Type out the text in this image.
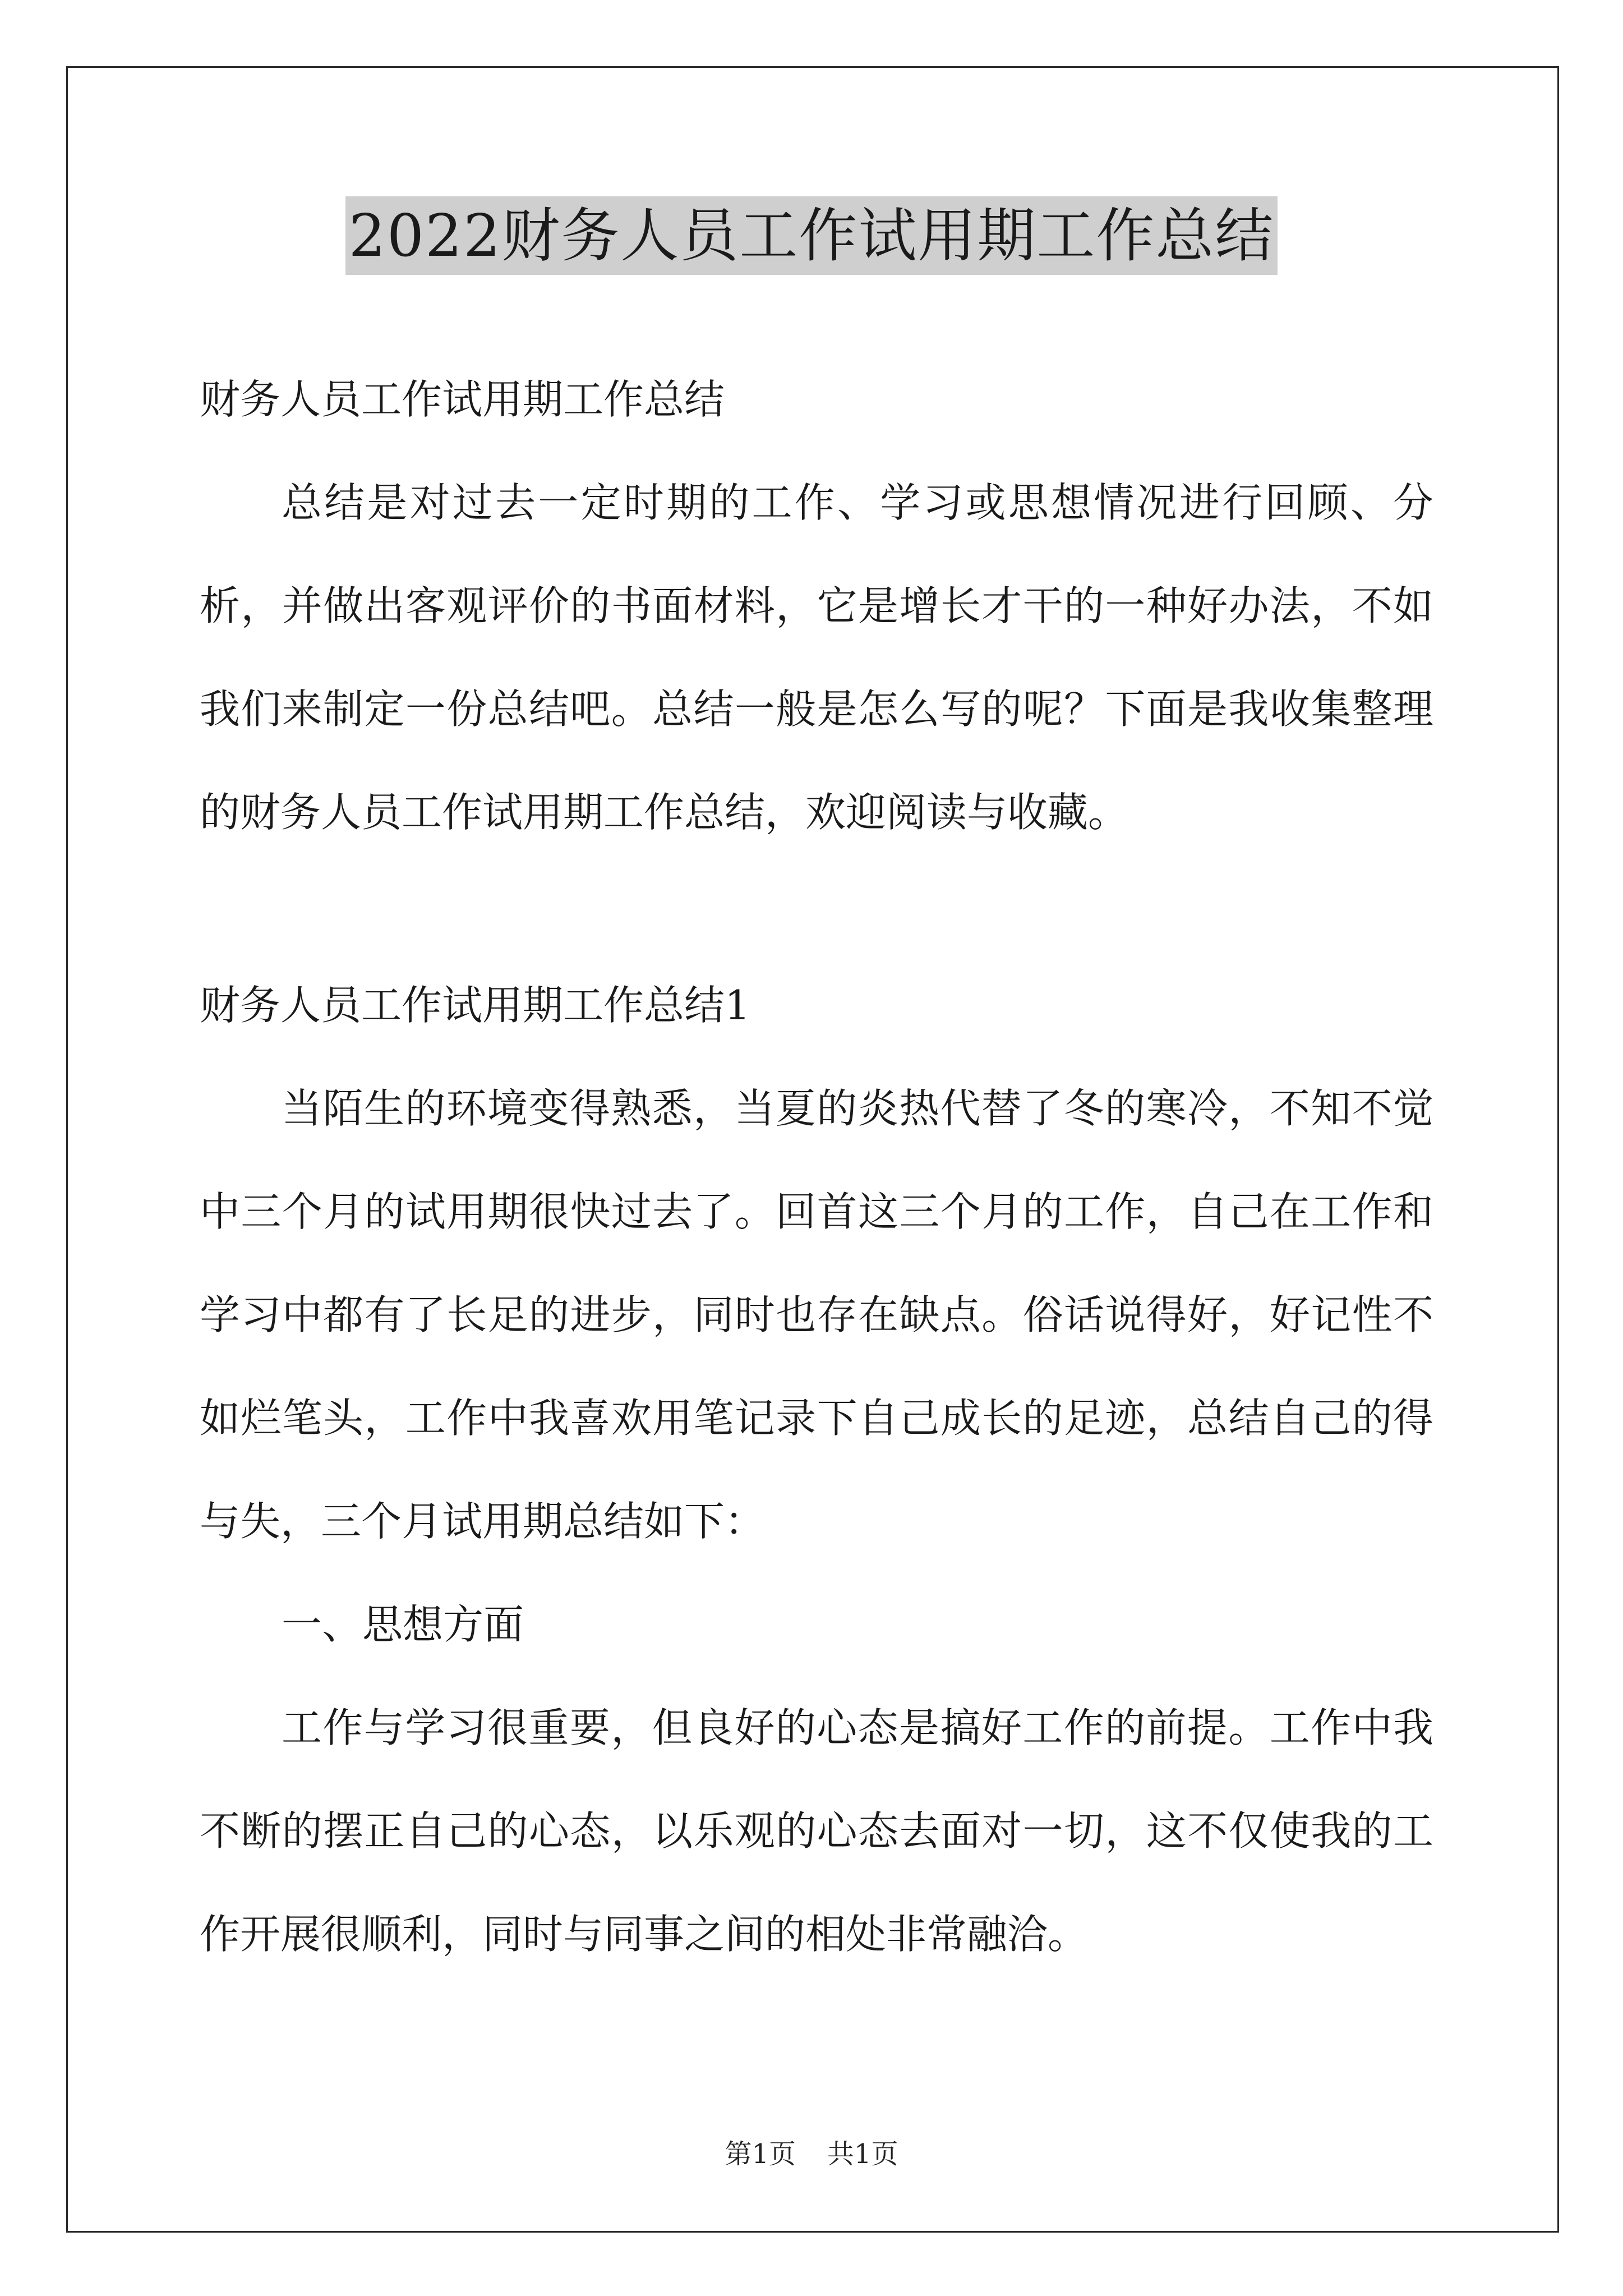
2022财务人员工作试用期工作总结

财务人员工作试用期工作总结

总结是对过去一定时期的工作、学习或思想情况进行回顾、分析，并做出客观评价的书面材料，它是增长才干的一种好办法，不如我们来制定一份总结吧。总结一般是怎么写的呢？下面是我收集整理的财务人员工作试用期工作总结，欢迎阅读与收藏。

财务人员工作试用期工作总结1

当陌生的环境变得熟悉，当夏的炎热代替了冬的寒冷，不知不觉中三个月的试用期很快过去了。回首这三个月的工作，自己在工作和学习中都有了长足的进步，同时也存在缺点。俗话说得好，好记性不如烂笔头，工作中我喜欢用笔记录下自己成长的足迹，总结自己的得与失，三个月试用期总结如下：

一、思想方面

工作与学习很重要，但良好的心态是搞好工作的前提。工作中我不断的摆正自己的心态，以乐观的心态去面对一切，这不仅使我的工作开展很顺利，同时与同事之间的相处非常融洽。

第1页 共1页
